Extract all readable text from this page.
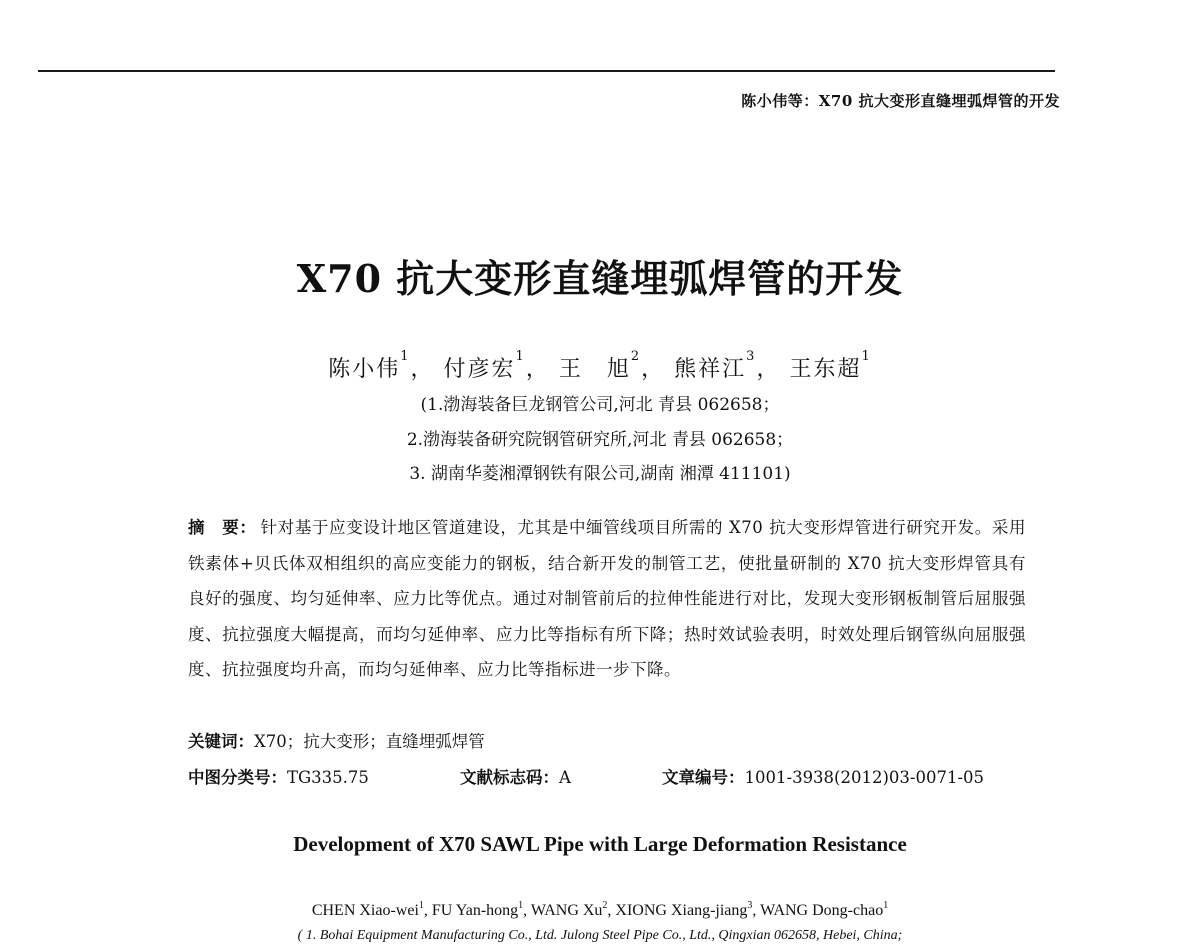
陈小伟等：X70 抗大变形直缝埋弧焊管的开发
X70 抗大变形直缝埋弧焊管的开发
陈小伟$^1$， 付彦宏$^1$， 王　旭$^2$， 熊祥江$^3$， 王东超$^1$
(1.渤海装备巨龙钢管公司,河北 青县 062658；
2.渤海装备研究院钢管研究所,河北 青县 062658；
3. 湖南华菱湘潭钢铁有限公司,湖南 湘潭 411101)
摘　要： 针对基于应变设计地区管道建设，尤其是中缅管线项目所需的 X70 抗大变形焊管进行研究开发。采用铁素体+贝氏体双相组织的高应变能力的钢板，结合新开发的制管工艺，使批量研制的 X70 抗大变形焊管具有良好的强度、均匀延伸率、应力比等优点。通过对制管前后的拉伸性能进行对比，发现大变形钢板制管后屈服强度、抗拉强度大幅提高，而均匀延伸率、应力比等指标有所下降；热时效试验表明，时效处理后钢管纵向屈服强度、抗拉强度均升高，而均匀延伸率、应力比等指标进一步下降。
关键词：X70；抗大变形；直缝埋弧焊管
中图分类号：TG335.75	文献标志码：A	文章编号：1001-3938(2012)03-0071-05
Development of X70 SAWL Pipe with Large Deformation Resistance
CHEN Xiao-wei$^1$, FU Yan-hong$^1$, WANG Xu$^2$, XIONG Xiang-jiang$^3$, WANG Dong-chao$^1$
( 1. Bohai Equipment Manufacturing Co., Ltd. Julong Steel Pipe Co., Ltd., Qingxian 062658, Hebei, China;
